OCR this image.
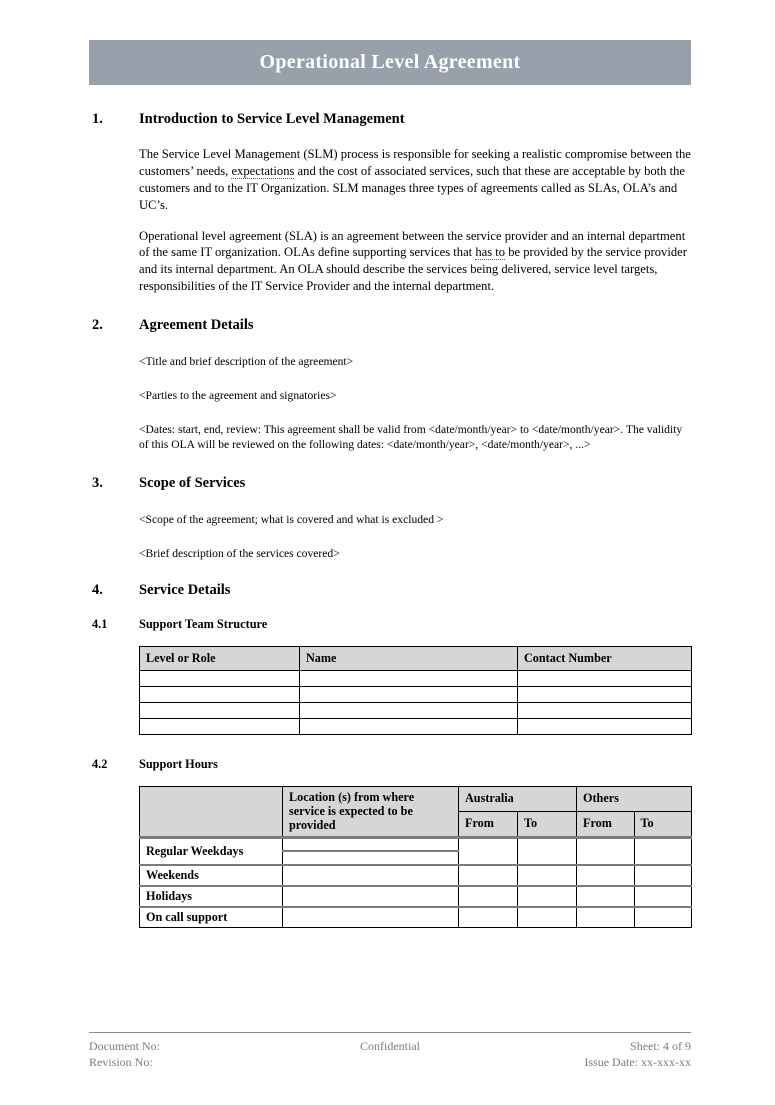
Operational Level Agreement
1.	Introduction to Service Level Management
The Service Level Management (SLM) process is responsible for seeking a realistic compromise between the customers’ needs, expectations and the cost of associated services, such that these are acceptable by both the customers and to the IT Organization. SLM manages three types of agreements called as SLAs, OLA’s and UC’s.
Operational level agreement (SLA) is an agreement between the service provider and an internal department of the same IT organization. OLAs define supporting services that has to be provided by the service provider and its internal department. An OLA should describe the services being delivered, service level targets, responsibilities of the IT Service Provider and the internal department.
2.	Agreement Details
<Title and brief description of the agreement>
<Parties to the agreement and signatories>
<Dates: start, end, review: This agreement shall be valid from <date/month/year> to <date/month/year>. The validity of this OLA will be reviewed on the following dates: <date/month/year>, <date/month/year>, ...>
3.	Scope of Services
<Scope of the agreement; what is covered and what is excluded >
<Brief description of the services covered>
4.	Service Details
4.1	Support Team Structure
Level or Role	Name	Contact Number

4.2	Support Hours
	Location (s) from where service is expected to be provided	Australia		Others	
		From	To	From	To
Regular Weekdays					

Weekends					
Holidays					
On call support					
Document No:	Confidential	Sheet: 4 of 9
Revision No:	Issue Date: xx-xxx-xx
